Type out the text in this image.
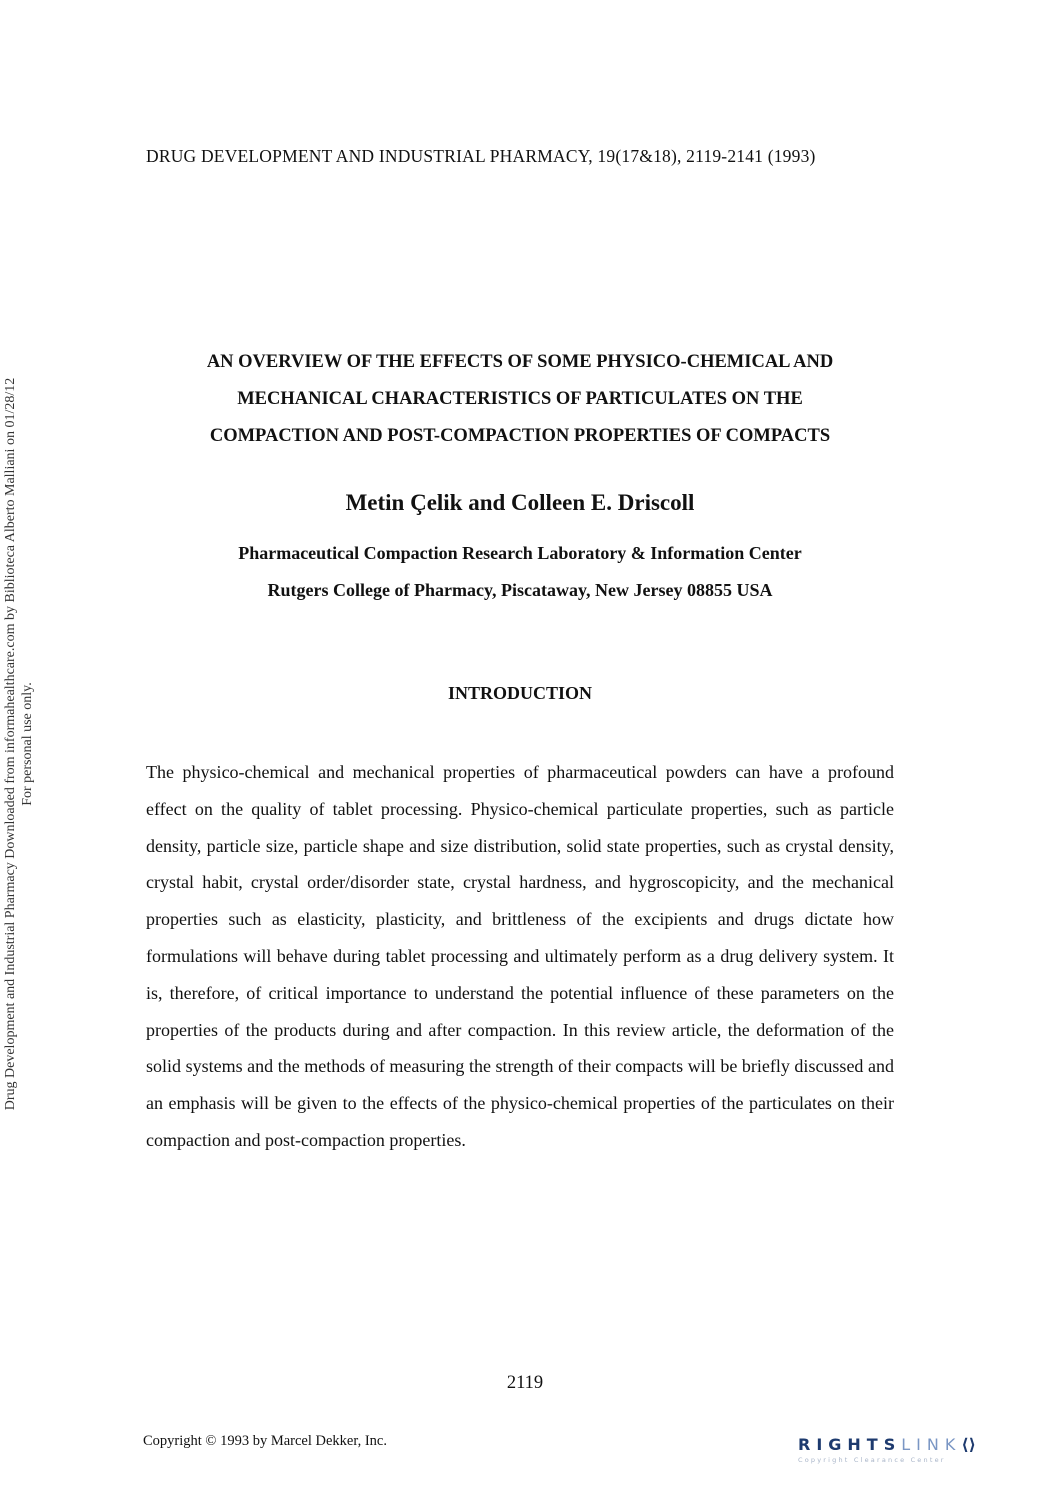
DRUG DEVELOPMENT AND INDUSTRIAL PHARMACY, 19(17&18), 2119-2141 (1993)
Drug Development and Industrial Pharmacy Downloaded from informahealthcare.com by Biblioteca Alberto Malliani on 01/28/12 For personal use only.
AN OVERVIEW OF THE EFFECTS OF SOME PHYSICO-CHEMICAL AND
MECHANICAL CHARACTERISTICS OF PARTICULATES ON THE
COMPACTION AND POST-COMPACTION PROPERTIES OF COMPACTS
Metin Çelik and Colleen E. Driscoll
Pharmaceutical Compaction Research Laboratory & Information Center
Rutgers College of Pharmacy, Piscataway, New Jersey 08855 USA
INTRODUCTION

The physico-chemical and mechanical properties of pharmaceutical powders can have a profound effect on the quality of tablet processing. Physico-chemical particulate properties, such as particle density, particle size, particle shape and size distribution, solid state properties, such as crystal density, crystal habit, crystal order/disorder state, crystal hardness, and hygroscopicity, and the mechanical properties such as elasticity, plasticity, and brittleness of the excipients and drugs dictate how formulations will behave during tablet processing and ultimately perform as a drug delivery system. It is, therefore, of critical importance to understand the potential influence of these parameters on the properties of the products during and after compaction. In this review article, the deformation of the solid systems and the methods of measuring the strength of their compacts will be briefly discussed and an emphasis will be given to the effects of the physico-chemical properties of the particulates on their compaction and post-compaction properties.

2119
Copyright © 1993 by Marcel Dekker, Inc.	RIGHTSLINK⟨⟩
Copyright Clearance Center
